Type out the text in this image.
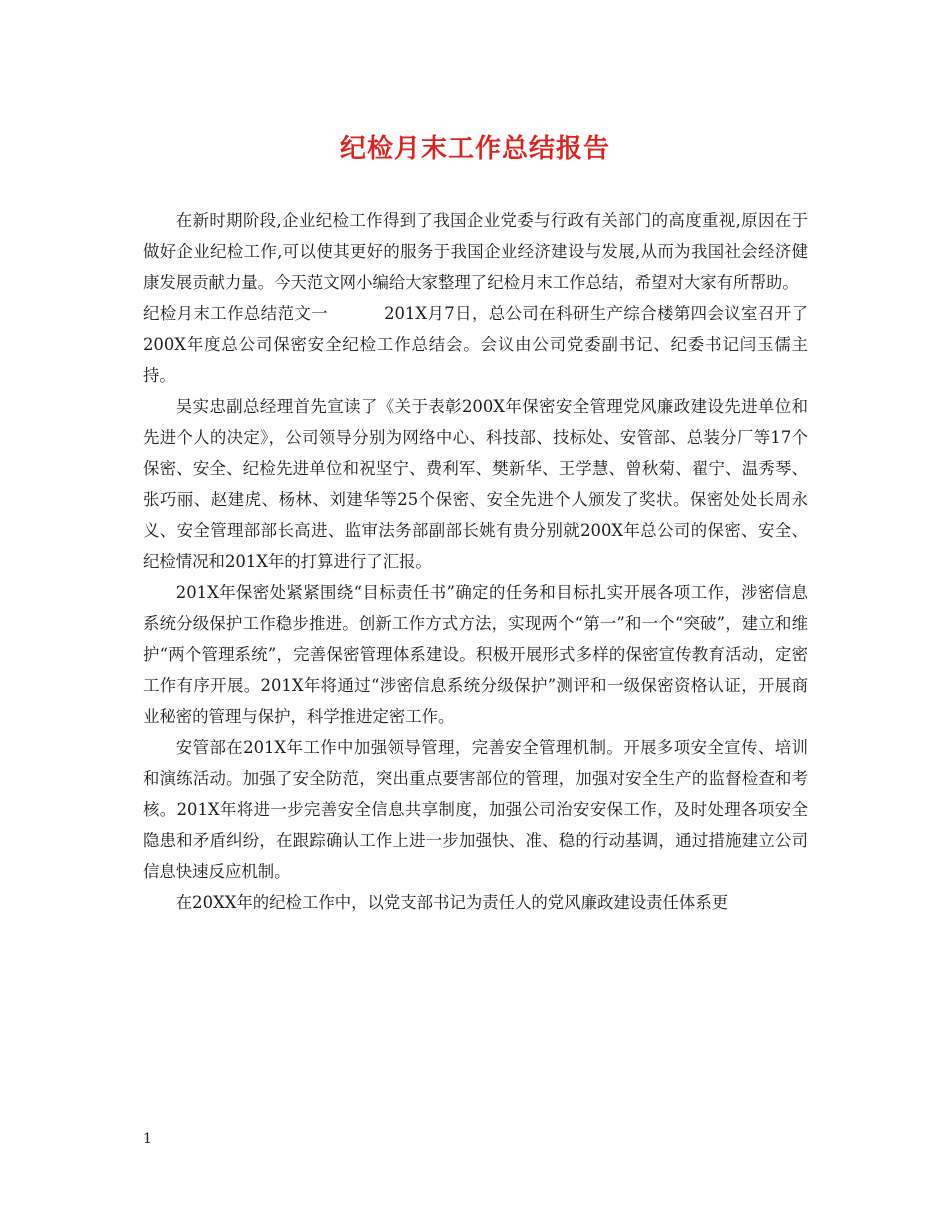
纪检月末工作总结报告

在新时期阶段,企业纪检工作得到了我国企业党委与行政有关部门的高度重视,原因在于做好企业纪检工作,可以使其更好的服务于我国企业经济建设与发展,从而为我国社会经济健康发展贡献力量。今天范文网小编给大家整理了纪检月末工作总结，希望对大家有所帮助。

纪检月末工作总结范文一	201X月7日，总公司在科研生产综合楼第四会议室召开了200X年度总公司保密安全纪检工作总结会。会议由公司党委副书记、纪委书记闫玉儒主持。

吴实忠副总经理首先宣读了《关于表彰200X年保密安全管理党风廉政建设先进单位和先进个人的决定》，公司领导分别为网络中心、科技部、技标处、安管部、总装分厂等17个保密、安全、纪检先进单位和祝坚宁、费利军、樊新华、王学慧、曾秋菊、翟宁、温秀琴、张巧丽、赵建虎、杨林、刘建华等25个保密、安全先进个人颁发了奖状。保密处处长周永义、安全管理部部长高进、监审法务部副部长姚有贵分别就200X年总公司的保密、安全、纪检情况和201X年的打算进行了汇报。

201X年保密处紧紧围绕“目标责任书”确定的任务和目标扎实开展各项工作，涉密信息系统分级保护工作稳步推进。创新工作方式方法，实现两个“第一”和一个“突破”，建立和维护“两个管理系统”，完善保密管理体系建设。积极开展形式多样的保密宣传教育活动，定密工作有序开展。201X年将通过“涉密信息系统分级保护”测评和一级保密资格认证，开展商业秘密的管理与保护，科学推进定密工作。

安管部在201X年工作中加强领导管理，完善安全管理机制。开展多项安全宣传、培训和演练活动。加强了安全防范，突出重点要害部位的管理，加强对安全生产的监督检查和考核。201X年将进一步完善安全信息共享制度，加强公司治安安保工作，及时处理各项安全隐患和矛盾纠纷，在跟踪确认工作上进一步加强快、准、稳的行动基调，通过措施建立公司信息快速反应机制。

在20XX年的纪检工作中，以党支部书记为责任人的党风廉政建设责任体系更

1
